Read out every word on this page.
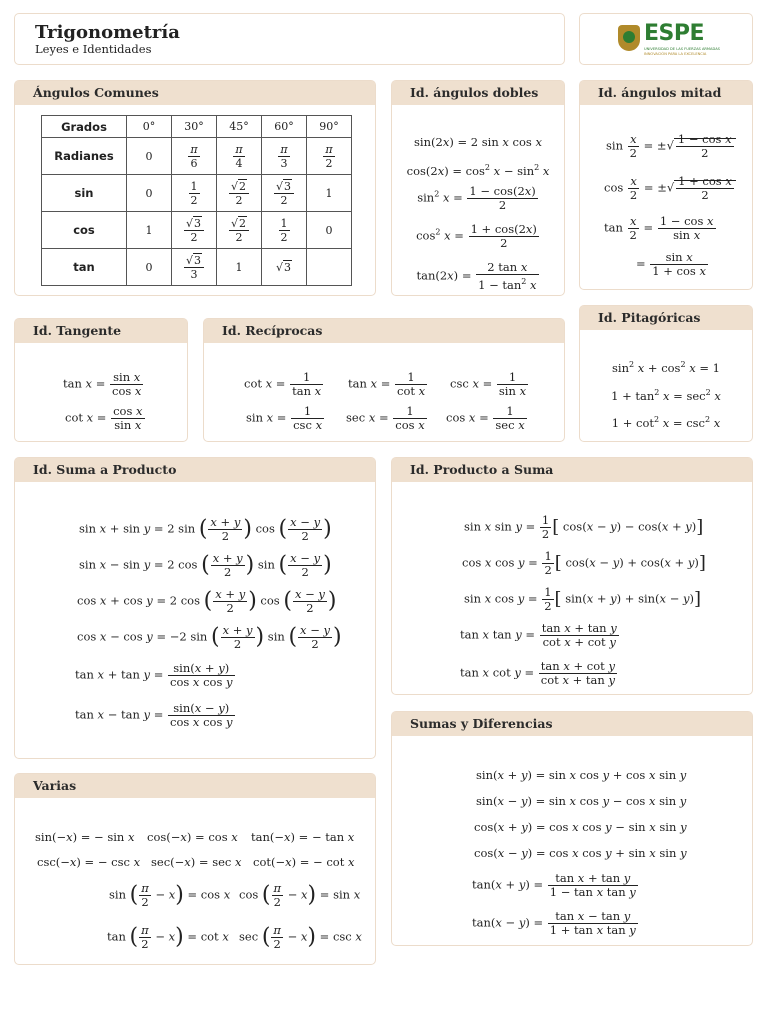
Trigonometría
Leyes e Identidades
ESPE
UNIVERSIDAD DE LAS FUERZAS ARMADAS
INNOVACIÓN PARA LA EXCELENCIA
Ángulos Comunes
Grados	0°	30°	45°	60°	90°
Radianes	0	$\frac{\pi}{6}$	$\frac{\pi}{4}$	$\frac{\pi}{3}$	$\frac{\pi}{2}$

sin	0	$\frac{1}{2}$	$\frac{√2}{2}$	$\frac{√3}{2}$	1
cos	1	$\frac{√3}{2}$	$\frac{√2}{2}$	$\frac{1}{2}$	0
tan	0	$\frac{√3}{3}$	1	√3	
Id. ángulos dobles
sin(2x) = 2 sin x cos x
$\cos(2x) = \cos^2 x - \sin^2 x$
$\sin^2 x = \frac{1 - \cos(2x)}{2}$
$\cos^2 x = \frac{1 + \cos(2x)}{2}$
$\tan(2x) = \frac{\text{2 tan x}}{1 - \tan^2 x}$
Id. ángulos mitad
$\sin \frac{x}{2}$ = ±√ $\frac{\text{1 − cos x}}{2}$
$\cos \frac{x}{2}$ = ±√ $\frac{\text{1 + cos x}}{2}$
$\tan \frac{x}{2} = \frac{\text{1 − cos x}}{\text{sin x}}$
= $\frac{\text{sin x}}{\text{1 + cos x}}$
Id. Tangente
$\tan x = \frac{\text{sin x}}{\text{cos x}}$
$\cot x = \frac{\text{cos x}}{\text{sin x}}$
Id. Recíprocas
$\cot x = \frac{1}{\text{tan x}}$ $\tan x = \frac{1}{\text{cot x}}$ $\csc x = \frac{1}{\text{sin x}}$
$\sin x = \frac{1}{\text{csc x}}$ $\sec x = \frac{1}{\text{cos x}}$ $\cos x = \frac{1}{\text{sec x}}$
Id. Pitagóricas
$\sin^2 x + \cos^2 x = 1$
$1 + \tan^2 x = \sec^2 x$
$1 + \cot^2 x = \csc^2 x$
Id. Suma a Producto
sin x + sin y = 2 sin ( $\frac{x + y}{2}$ ) cos ( $\frac{x - y}{2}$ )
sin x − sin y = 2 cos ( $\frac{x + y}{2}$ ) sin ( $\frac{x - y}{2}$ )
cos x + cos y = 2 cos ( $\frac{x + y}{2}$ ) cos ( $\frac{x - y}{2}$ )
cos x − cos y = −2 sin ( $\frac{x + y}{2}$ ) sin ( $\frac{x - y}{2}$ )
$\tan x + \tan y = \frac{\sin(x + y)}{\text{cos x cos y}}$
$\tan x - \tan y = \frac{\sin(x - y)}{\text{cos x cos y}}$
Id. Producto a Suma
sin x $\sin y = \frac{1}{2}$ [ cos(x − y) − cos(x + y)]
cos x $\cos y = \frac{1}{2}$ [ cos(x − y) + cos(x + y)]
sin x $\cos y = \frac{1}{2}$ [ sin(x + y) + sin(x − y)]
tan x $\tan y = \frac{\text{tan x + tan y}}{\text{cot x + cot y}}$
tan x $\cot y = \frac{\text{tan x + cot y}}{\text{cot x + tan y}}$
Sumas y Diferencias
sin(x + y) = sin x cos y + cos x sin y
sin(x − y) = sin x cos y − cos x sin y
cos(x + y) = cos x cos y − sin x sin y
cos(x − y) = cos x cos y + sin x sin y
$\tan(x + y) = \frac{\text{tan x + tan y}}{\text{1 − tan x tan y}}$
$\tan(x - y) = \frac{\text{tan x − tan y}}{\text{1 + tan x tan y}}$
Varias
sin(−x) = − sin x cos(−x) = cos x tan(−x) = − tan x
csc(−x) = − csc x sec(−x) = sec x cot(−x) = − cot x
sin ( $\frac{\pi}{2} - x) = \cos x$ cos ( $\frac{\pi}{2} - x) = \sin x$
tan ( $\frac{\pi}{2} - x) = \cot x$ sec ( $\frac{\pi}{2} - x) = \csc x$
